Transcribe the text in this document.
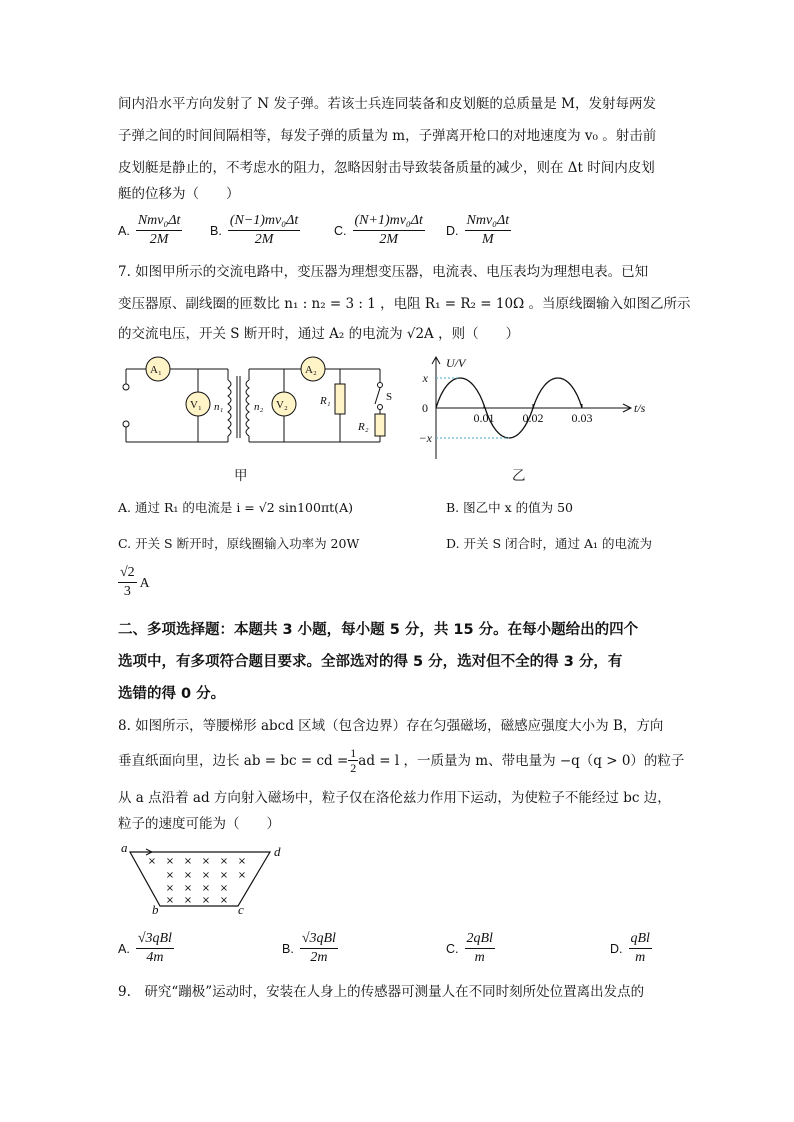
间内沿水平方向发射了 N 发子弹。若该士兵连同装备和皮划艇的总质量是 M，发射每两发
子弹之间的时间间隔相等，每发子弹的质量为 m，子弹离开枪口的对地速度为 v₀ 。射击前
皮划艇是静止的，不考虑水的阻力，忽略因射击导致装备质量的减少，则在 Δt 时间内皮划
艇的位移为（　　）
A. $\frac{\text{Nmv₀Δt}}{2M} B$. $\frac{\text{(N−1)mv₀Δt}}{2M}$	C. $\frac{\text{(N+1)mv₀Δt}}{2M} D$. $\frac{\text{Nmv₀Δt}}{M}$
7. 如图甲所示的交流电路中，变压器为理想变压器，电流表、电压表均为理想电表。已知
变压器原、副线圈的匝数比 n₁ : n₂ = 3 : 1 ，电阻 R₁ = R₂ = 10Ω 。当原线圈输入如图乙所示
的交流电压，开关 S 断开时，通过 A₂ 的电流为 √2A ，则（　　）
A₁
V₁ n₁	n₂ V₂
A₂
R₁	S
R₂
甲
U/V
t/s
0
x
−x
0.01 0.02 0.03
乙
A. 通过 R₁ 的电流是 i = √2 sin100πt(A)	B. 图乙中 x 的值为 50
C. 开关 S 断开时，原线圈输入功率为 20W	D. 开关 S 闭合时，通过 A₁ 的电流为
$\frac{√2}{3}$ A
二、多项选择题：本题共 3 小题，每小题 5 分，共 15 分。在每小题给出的四个
选项中，有多项符合题目要求。全部选对的得 5 分，选对但不全的得 3 分，有
选错的得 0 分。
8. 如图所示，等腰梯形 abcd 区域（包含边界）存在匀强磁场，磁感应强度大小为 B，方向
垂直纸面向里，边长 ab = bc = cd = $\frac{1}{2}$ ad = l ，一质量为 m、带电量为 −q（q > 0）的粒子
从 a 点沿着 ad 方向射入磁场中，粒子仅在洛伦兹力作用下运动，为使粒子不能经过 bc 边，
粒子的速度可能为（　　）
× × × × × ×
× × × × ×
× × × ×
× × × ×
a	d
b	c
A. $\frac{\text{√3qBl}}{4m}$	B. $\frac{\text{√3qBl}}{2m}$	C. $\frac{\text{2qBl}}{m}$	D. $\frac{\text{qBl}}{m}$
9.　研究“蹦极”运动时，安装在人身上的传感器可测量人在不同时刻所处位置离出发点的
